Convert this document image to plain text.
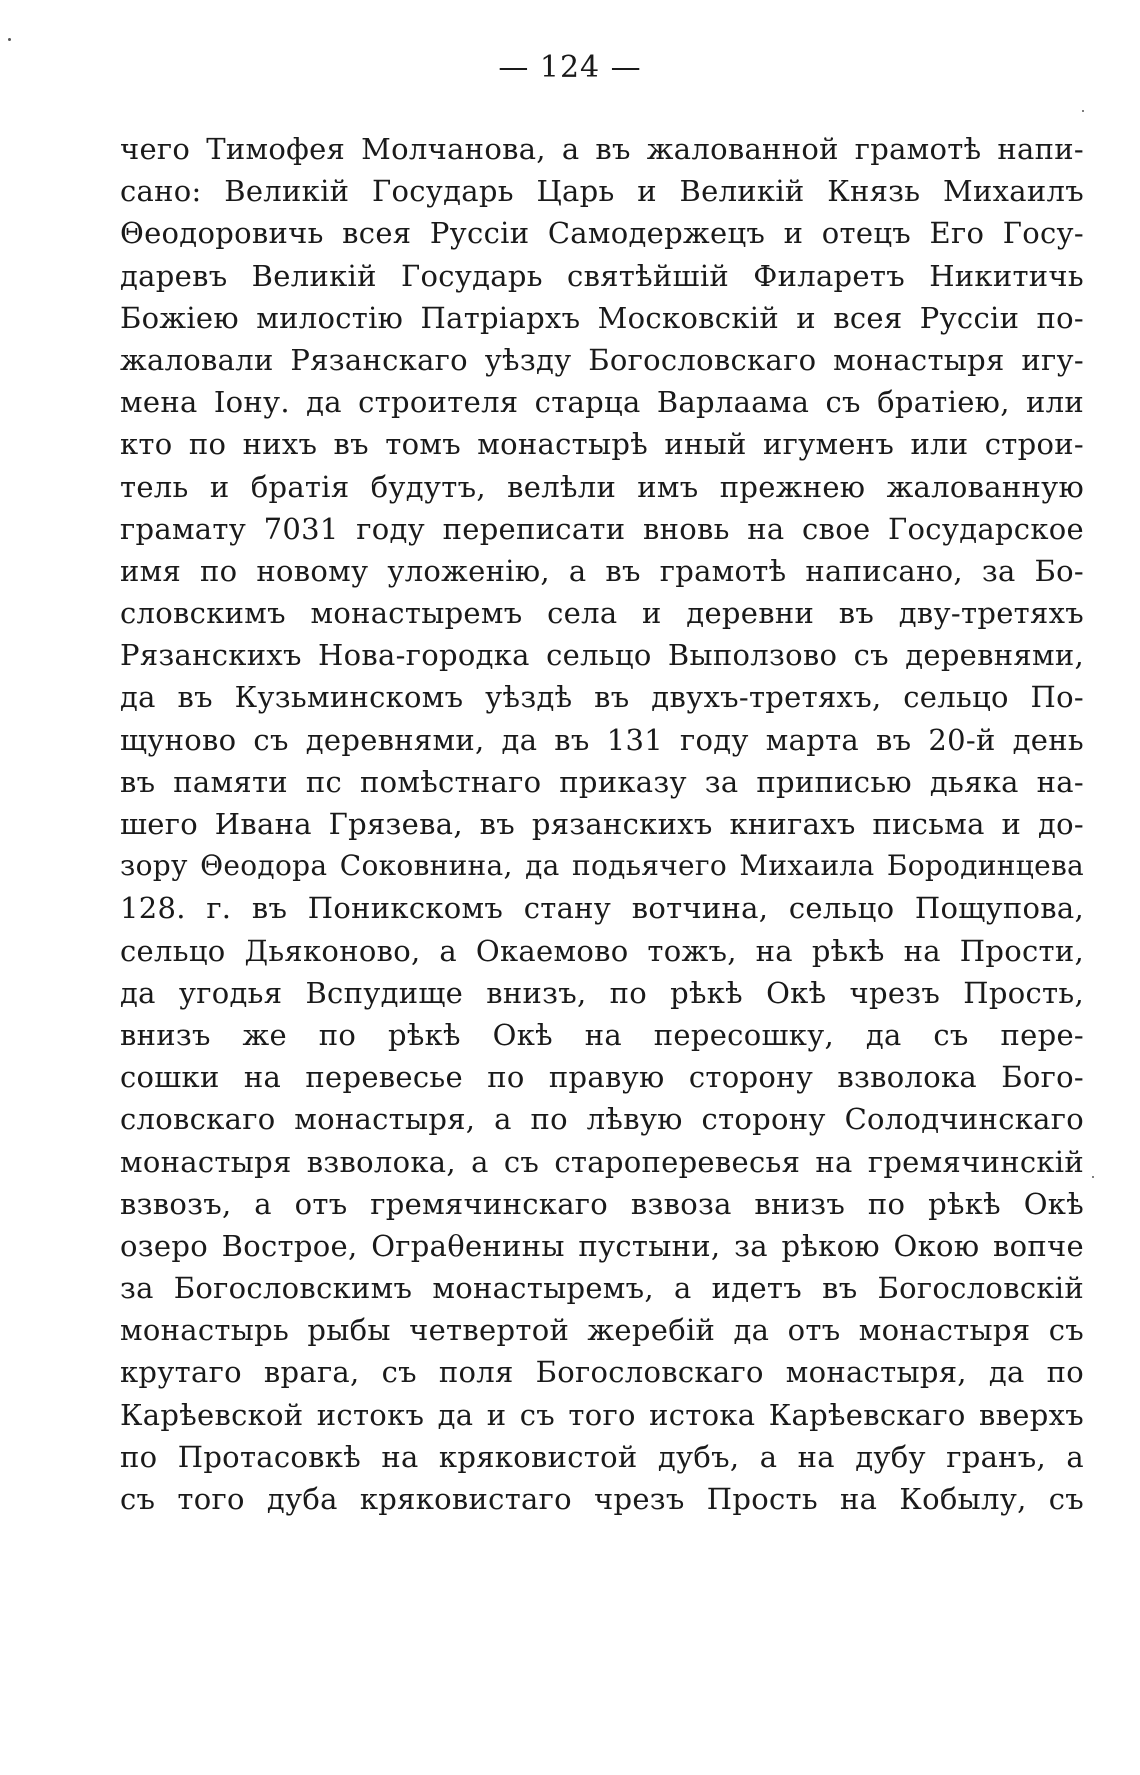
— 124 —
чего Тимофея Молчанова, а въ жалованной грамотѣ напи-
сано: Великій Государь Царь и Великій Князь Михаилъ
Θеодоровичь всея Руссіи Самодержецъ и отецъ Его Госу-
даревъ Великій Государь святѣйшій Филаретъ Никитичь
Божіею милостію Патріархъ Московскій и всея Руссіи по-
жаловали Рязанскаго уѣзду Богословскаго монастыря игу-
мена Іону. да строителя старца Варлаама съ братіею, или
кто по нихъ въ томъ монастырѣ иный игуменъ или строи-
тель и братія будутъ, велѣли имъ прежнею жалованную
грамату 7031 году переписати вновь на свое Государское
имя по новому уложенію, а въ грамотѣ написано, за Бо-
словскимъ монастыремъ села и деревни въ дву-третяхъ
Рязанскихъ Нова-городка сельцо Выползово съ деревнями,
да въ Кузьминскомъ уѣздѣ въ двухъ-третяхъ, сельцо По-
щуново съ деревнями, да въ 131 году марта въ 20-й день
въ памяти пс помѣстнаго приказу за приписью дьяка на-
шего Ивана Грязева, въ рязанскихъ книгахъ письма и до-
зору Θеодора Соковнина, да подьячего Михаила Бородинцева
128. г. въ Поникскомъ стану вотчина, сельцо Пощупова,
сельцо Дьяконово, а Окаемово тожъ, на рѣкѣ на Прости,
да угодья Вспудище внизъ, по рѣкѣ Окѣ чрезъ Прость,
внизъ же по рѣкѣ Окѣ на пересошку, да съ пере-
сошки на перевесье по правую сторону взволока Бого-
словскаго монастыря, а по лѣвую сторону Солодчинскаго
монастыря взволока, а съ староперевесья на гремячинскій
взвозъ, а отъ гремячинскаго взвоза внизъ по рѣкѣ Окѣ
озеро Вострое, Ограθенины пустыни, за рѣкою Окою вопче
за Богословскимъ монастыремъ, а идетъ въ Богословскій
монастырь рыбы четвертой жеребій да отъ монастыря съ
крутаго врага, съ поля Богословскаго монастыря, да по
Карѣевской истокъ да и съ того истока Карѣевскаго вверхъ
по Протасовкѣ на кряковистой дубъ, а на дубу гранъ, а
съ того дуба кряковистаго чрезъ Прость на Кобылу, съ
